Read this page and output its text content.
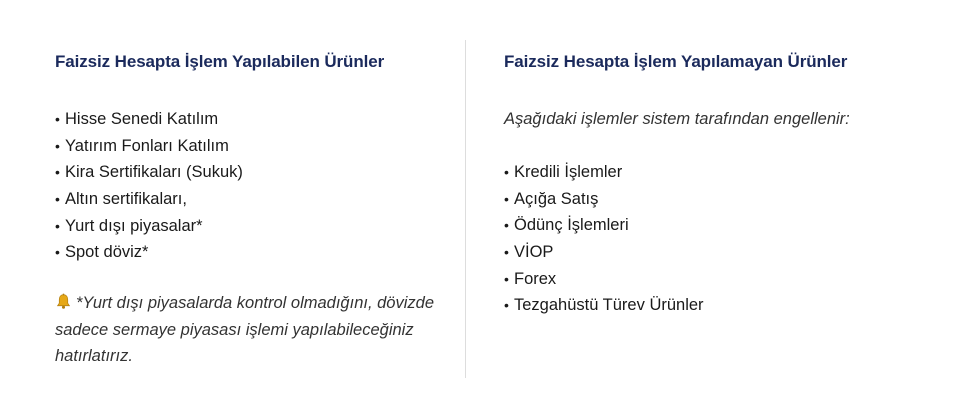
Faizsiz Hesapta İşlem Yapılabilen Ürünler
• Hisse Senedi Katılım
• Yatırım Fonları Katılım
• Kira Sertifikaları (Sukuk)
• Altın sertifikaları,
• Yurt dışı piyasalar*
• Spot döviz*
*Yurt dışı piyasalarda kontrol olmadığını, dövizde sadece sermaye piyasası işlemi yapılabileceğiniz hatırlatırız.
Faizsiz Hesapta İşlem Yapılamayan Ürünler
Aşağıdaki işlemler sistem tarafından engellenir:
• Kredili İşlemler
• Açığa Satış
• Ödünç İşlemleri
• VİOP
• Forex
• Tezgahüstü Türev Ürünler
